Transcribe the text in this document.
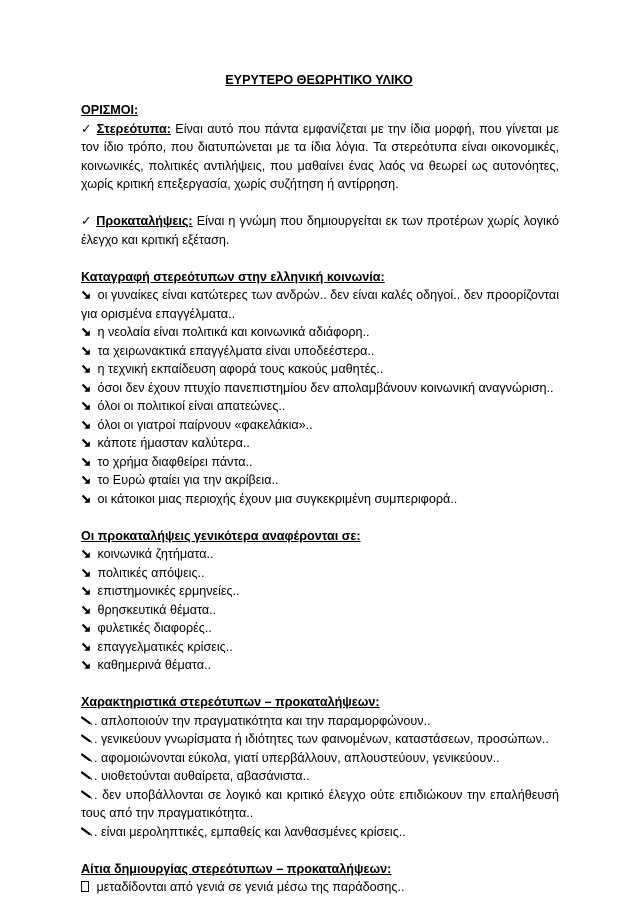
ΕΥΡΥΤΕΡΟ ΘΕΩΡΗΤΙΚΟ ΥΛΙΚΟ
ΟΡΙΣΜΟΙ:
✓ Στερεότυπα: Είναι αυτό που πάντα εμφανίζεται με την ίδια μορφή, που γίνεται με τον ίδιο τρόπο, που διατυπώνεται με τα ίδια λόγια. Τα στερεότυπα είναι οικονομικές, κοινωνικές, πολιτικές αντιλήψεις, που μαθαίνει ένας λαός να θεωρεί ως αυτονόητες, χωρίς κριτική επεξεργασία, χωρίς συζήτηση ή αντίρρηση.
✓ Προκαταλήψεις: Είναι η γνώμη που δημιουργείται εκ των προτέρων χωρίς λογικό έλεγχο και κριτική εξέταση.
Καταγραφή στερεότυπων στην ελληνική κοινωνία:
οι γυναίκες είναι κατώτερες των ανδρών.. δεν είναι καλές οδηγοί.. δεν προορίζονται για ορισμένα επαγγέλματα..
η νεολαία είναι πολιτικά και κοινωνικά αδιάφορη..
τα χειρωνακτικά επαγγέλματα είναι υποδεέστερα..
η τεχνική εκπαίδευση αφορά τους κακούς μαθητές..
όσοι δεν έχουν πτυχίο πανεπιστημίου δεν απολαμβάνουν κοινωνική αναγνώριση..
όλοι οι πολιτικοί είναι απατεώνες..
όλοι οι γιατροί παίρνουν «φακελάκια»..
κάποτε ήμασταν καλύτερα..
το χρήμα διαφθείρει πάντα..
το Ευρώ φταίει για την ακρίβεια..
οι κάτοικοι μιας περιοχής έχουν μια συγκεκριμένη συμπεριφορά..
Οι προκαταλήψεις γενικότερα αναφέρονται σε:
κοινωνικά ζητήματα..
πολιτικές απόψεις..
επιστημονικές ερμηνείες..
θρησκευτικά θέματα..
φυλετικές διαφορές..
επαγγελματικές κρίσεις..
καθημερινά θέματα..
Χαρακτηριστικά στερεότυπων – προκαταλήψεων:
. απλοποιούν την πραγματικότητα και την παραμορφώνουν..
. γενικεύουν γνωρίσματα ή ιδιότητες των φαινομένων, καταστάσεων, προσώπων..
. αφομοιώνονται εύκολα, γιατί υπερβάλλουν, απλουστεύουν, γενικεύουν..
. υιοθετούνται αυθαίρετα, αβασάνιστα..
. δεν υποβάλλονται σε λογικό και κριτικό έλεγχο ούτε επιδιώκουν την επαλήθευσή τους από την πραγματικότητα..
. είναι μεροληπτικές, εμπαθείς και λανθασμένες κρίσεις..
Αίτια δημιουργίας στερεότυπων – προκαταλήψεων:
μεταδίδονται από γενιά σε γενιά μέσω της παράδοσης..
